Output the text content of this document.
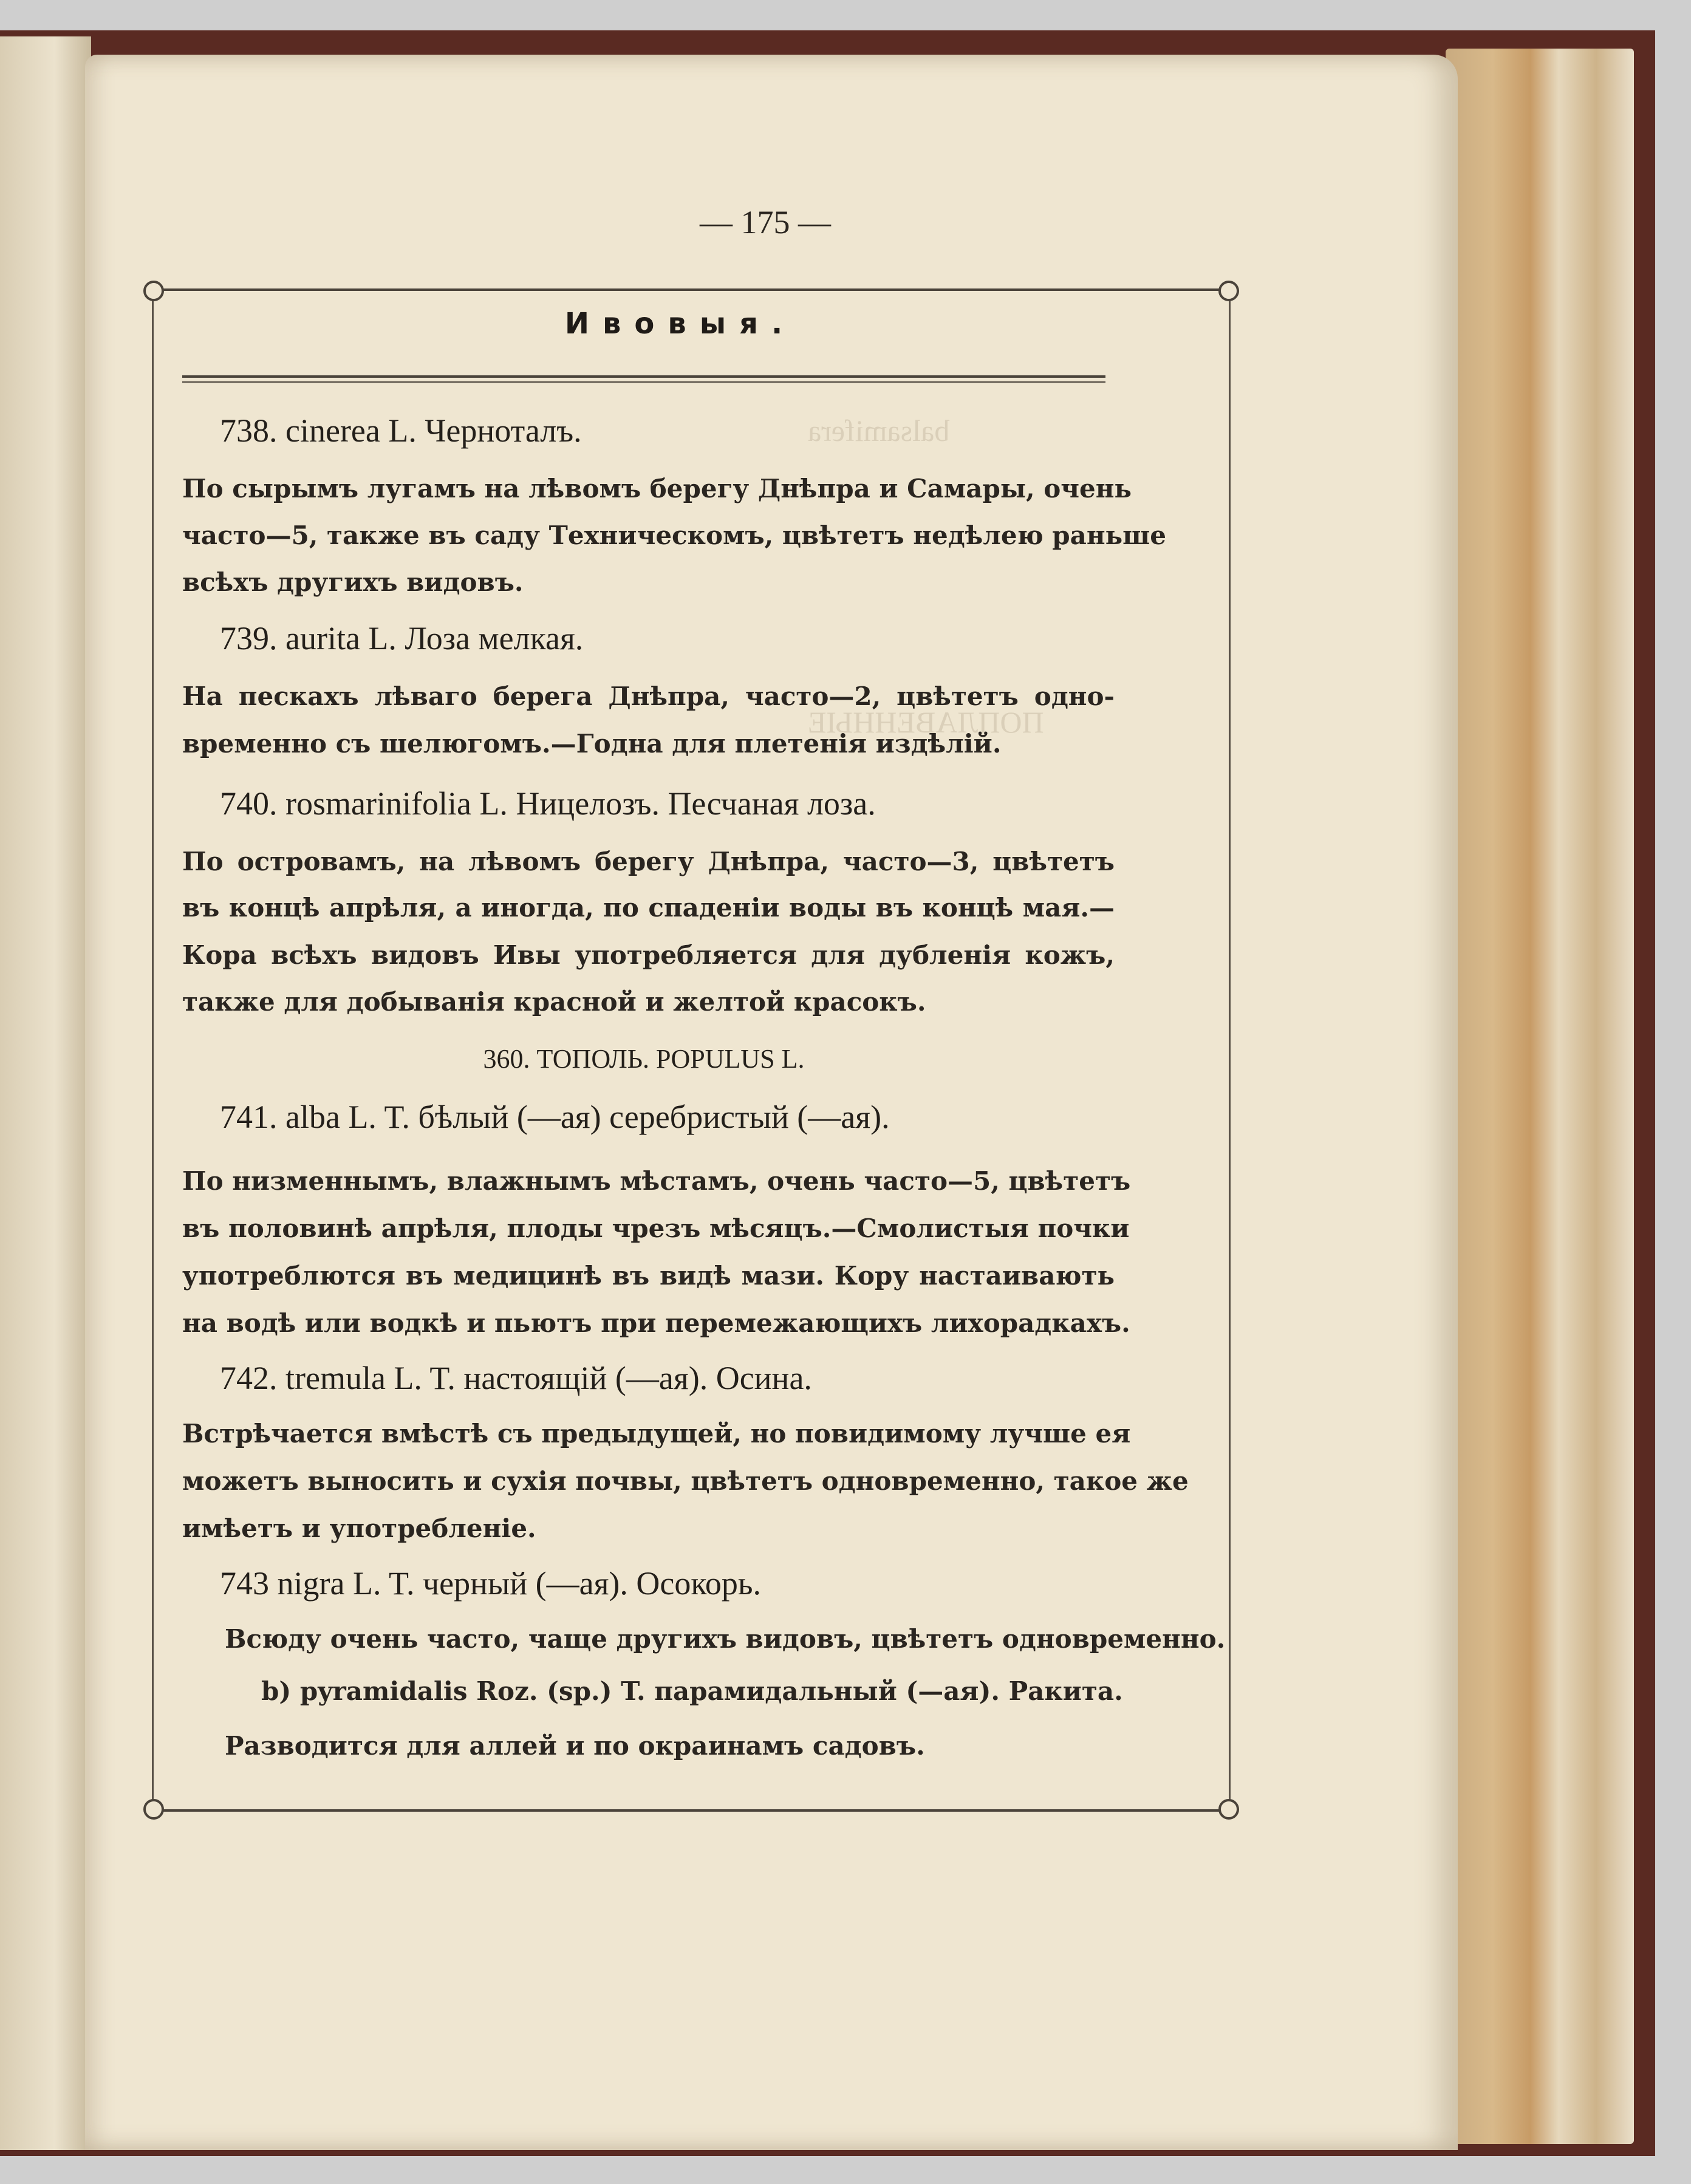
— 175 —
balsamifera
ПОПЛАВЕННЫЕ
Ивовыя.
738. cinerea L. Черноталъ.
По сырымъ лугамъ на лѣвомъ берегу Днѣпра и Самары, очень
часто—5, также въ саду Техническомъ, цвѣтетъ недѣлею раньше
всѣхъ другихъ видовъ.
739. aurita L. Лоза мелкая.
На пескахъ лѣваго берега Днѣпра, часто—2, цвѣтетъ одно-
временно съ шелюгомъ.—Годна для плетенія издѣлій.
740. rosmarinifolia L. Ницелозъ. Песчаная лоза.
По островамъ, на лѣвомъ берегу Днѣпра, часто—3, цвѣтетъ
въ концѣ апрѣля, а иногда, по спаденіи воды въ концѣ мая.—
Кора всѣхъ видовъ Ивы употребляется для дубленія кожъ,
также для добыванія красной и желтой красокъ.
360. ТОПОЛЬ. POPULUS L.
741. alba L. T. бѣлый (—ая) серебристый (—ая).
По низменнымъ, влажнымъ мѣстамъ, очень часто—5, цвѣтетъ
въ половинѣ апрѣля, плоды чрезъ мѣсяцъ.—Смолистыя почки
употреблются въ медицинѣ въ видѣ мази. Кору настаивають
на водѣ или водкѣ и пьютъ при перемежающихъ лихорадкахъ.
742. tremula L. T. настоящій (—ая). Осина.
Встрѣчается вмѣстѣ съ предыдущей, но повидимому лучше ея
можетъ выносить и сухія почвы, цвѣтетъ одновременно, такое же
имѣетъ и употребленіе.
743 nigra L. T. черный (—ая). Осокорь.
Всюду очень часто, чаще другихъ видовъ, цвѣтетъ одновременно.
b) pyramidalis Roz. (sp.) T. парамидальный (—ая). Ракита.
Разводится для аллей и по окраинамъ садовъ.
